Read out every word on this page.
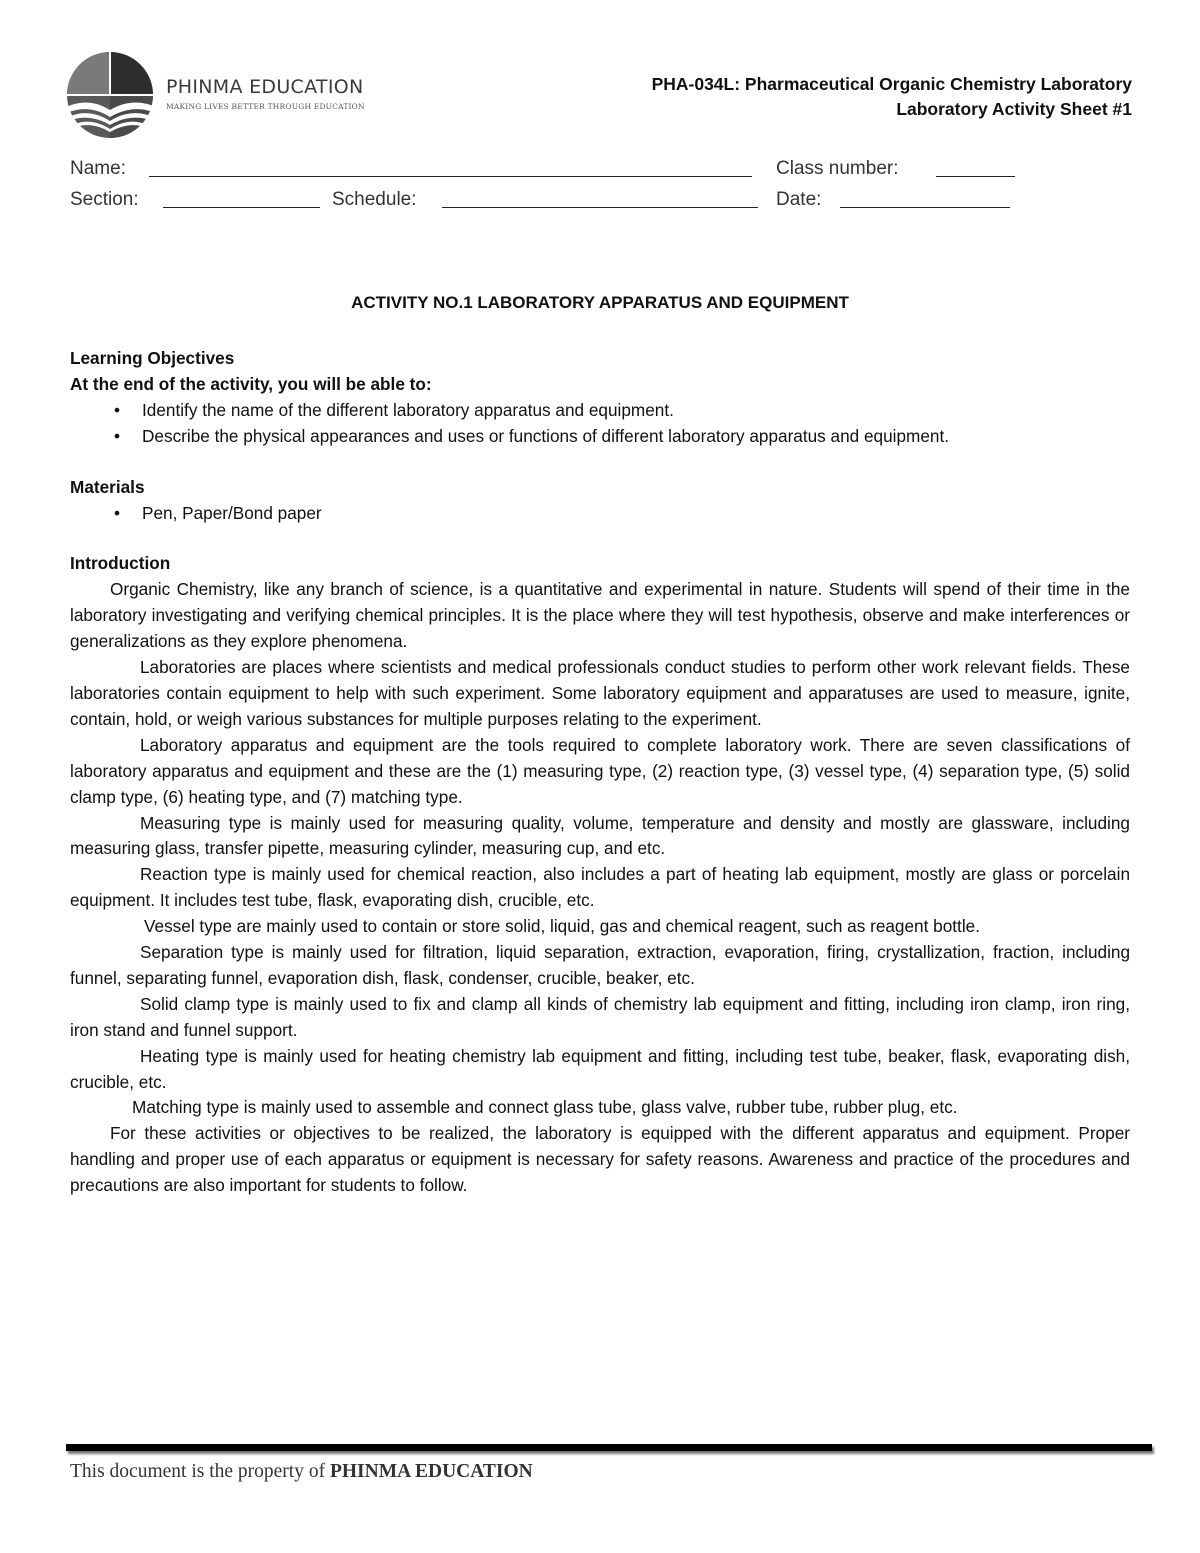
PHINMA EDUCATION
MAKING LIVES BETTER THROUGH EDUCATION
PHA-034L: Pharmaceutical Organic Chemistry Laboratory
Laboratory Activity Sheet #1
Name:	Class number:
Section:	Schedule:	Date:
ACTIVITY NO.1 LABORATORY APPARATUS AND EQUIPMENT
Learning Objectives
At the end of the activity, you will be able to:
• Identify the name of the different laboratory apparatus and equipment.
• Describe the physical appearances and uses or functions of different laboratory apparatus and equipment.
Materials
• Pen, Paper/Bond paper
Introduction

Organic Chemistry, like any branch of science, is a quantitative and experimental in nature. Students will spend of their time in the laboratory investigating and verifying chemical principles. It is the place where they will test hypothesis, observe and make interferences or generalizations as they explore phenomena.

Laboratories are places where scientists and medical professionals conduct studies to perform other work relevant fields. These laboratories contain equipment to help with such experiment. Some laboratory equipment and apparatuses are used to measure, ignite, contain, hold, or weigh various substances for multiple purposes relating to the experiment.

Laboratory apparatus and equipment are the tools required to complete laboratory work. There are seven classifications of laboratory apparatus and equipment and these are the (1) measuring type, (2) reaction type, (3) vessel type, (4) separation type, (5) solid clamp type, (6) heating type, and (7) matching type.

Measuring type is mainly used for measuring quality, volume, temperature and density and mostly are glassware, including measuring glass, transfer pipette, measuring cylinder, measuring cup, and etc.

Reaction type is mainly used for chemical reaction, also includes a part of heating lab equipment, mostly are glass or porcelain equipment. It includes test tube, flask, evaporating dish, crucible, etc.

Vessel type are mainly used to contain or store solid, liquid, gas and chemical reagent, such as reagent bottle.

Separation type is mainly used for filtration, liquid separation, extraction, evaporation, firing, crystallization, fraction, including funnel, separating funnel, evaporation dish, flask, condenser, crucible, beaker, etc.

Solid clamp type is mainly used to fix and clamp all kinds of chemistry lab equipment and fitting, including iron clamp, iron ring, iron stand and funnel support.

Heating type is mainly used for heating chemistry lab equipment and fitting, including test tube, beaker, flask, evaporating dish, crucible, etc.

Matching type is mainly used to assemble and connect glass tube, glass valve, rubber tube, rubber plug, etc.

For these activities or objectives to be realized, the laboratory is equipped with the different apparatus and equipment. Proper handling and proper use of each apparatus or equipment is necessary for safety reasons. Awareness and practice of the procedures and precautions are also important for students to follow.

This document is the property of PHINMA EDUCATION
